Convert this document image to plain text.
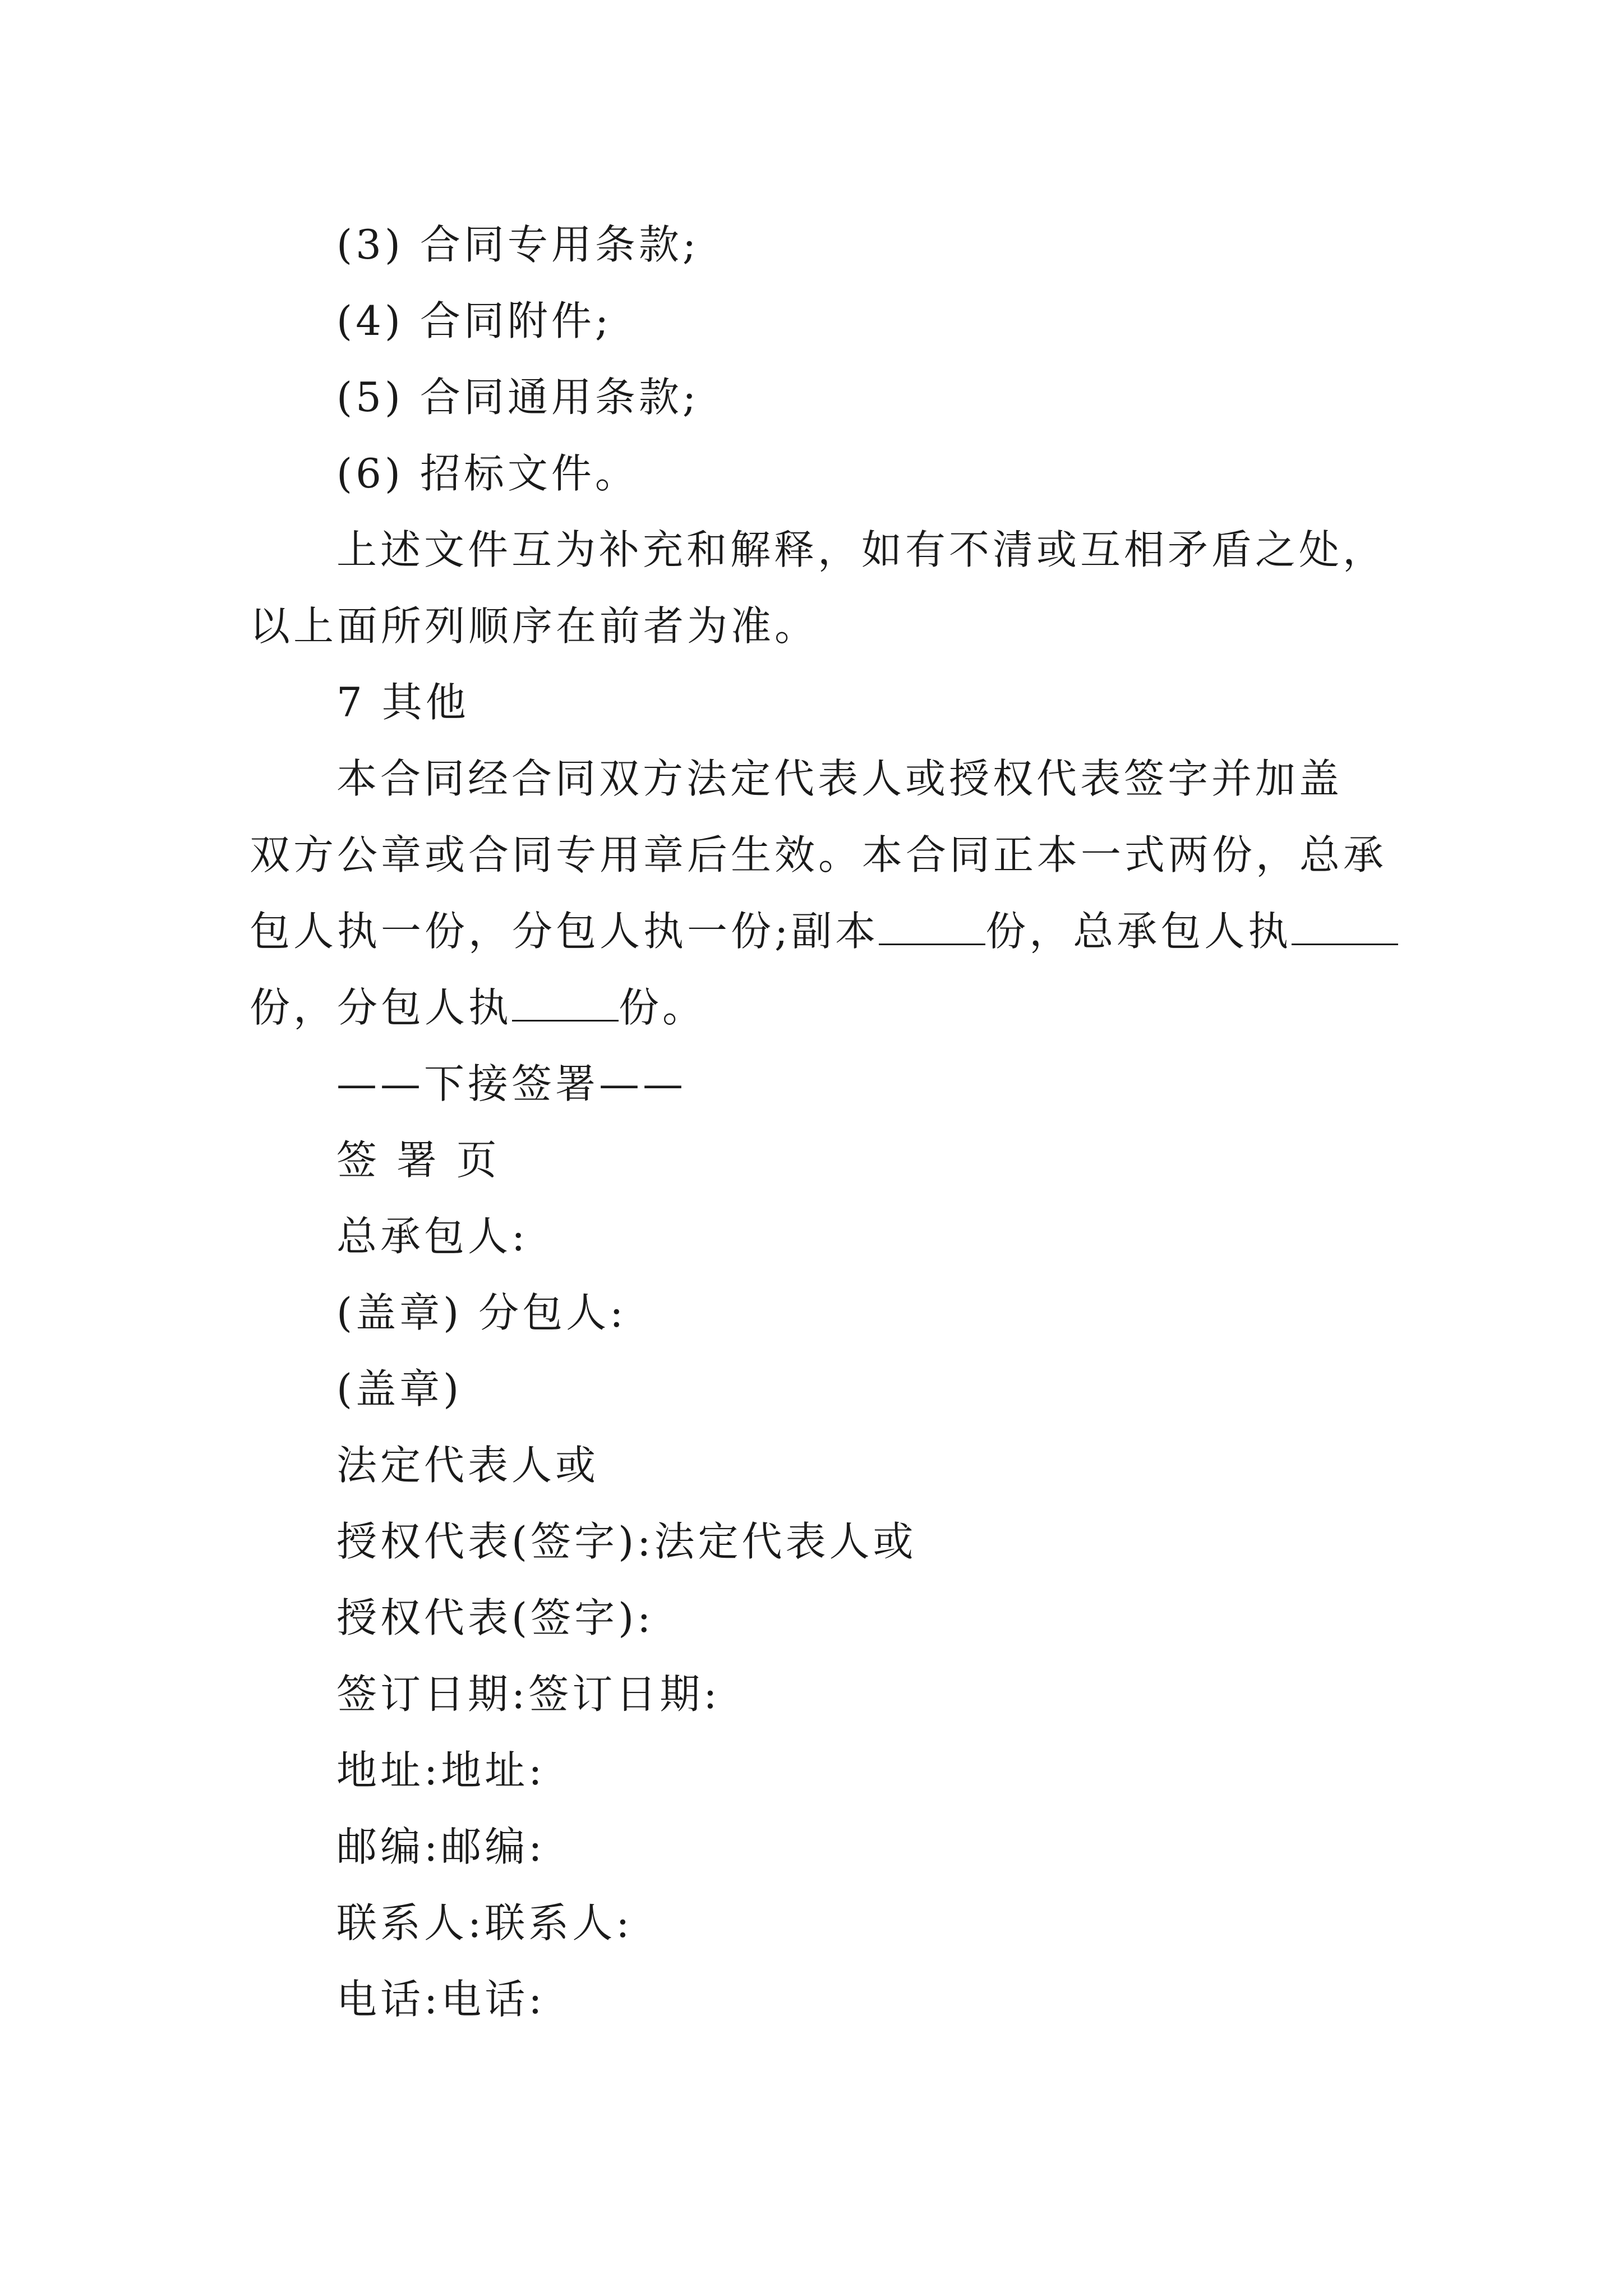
(3) 合同专用条款;
(4) 合同附件;
(5) 合同通用条款;
(6) 招标文件。
上述文件互为补充和解释，如有不清或互相矛盾之处，
以上面所列顺序在前者为准。
7 其他
本合同经合同双方法定代表人或授权代表签字并加盖
双方公章或合同专用章后生效。本合同正本一式两份，总承
包人执一份，分包人执一份;副本	份，总承包人执
份，分包人执	份。
——下接签署——
签 署 页
总承包人:
(盖章) 分包人:
(盖章)
法定代表人或
授权代表(签字):法定代表人或
授权代表(签字):
签订日期:签订日期:
地址:地址:
邮编:邮编:
联系人:联系人:
电话:电话:
